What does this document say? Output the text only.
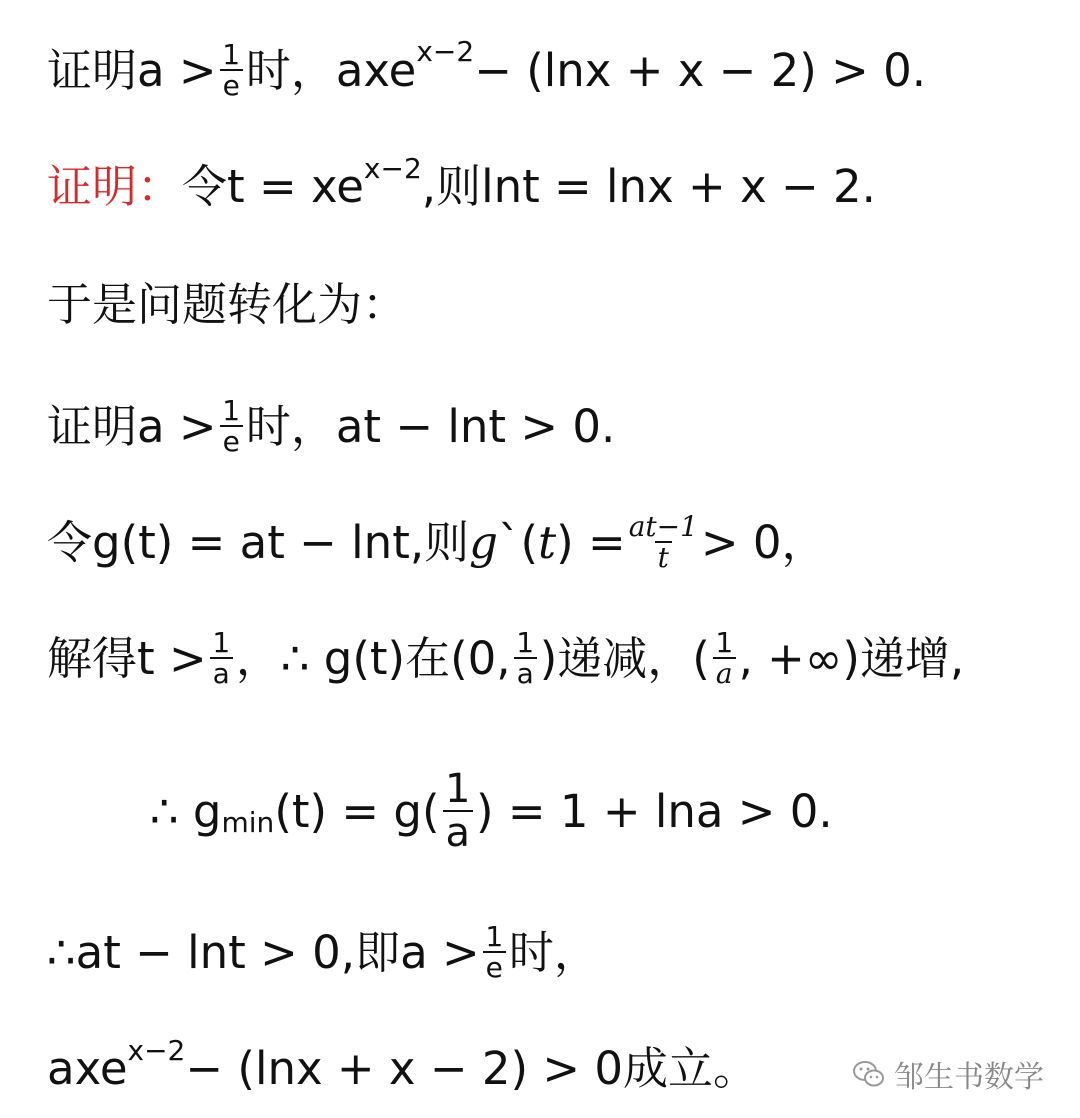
证明$a > \frac{1}{e}$ 时，axe$^{x-2}$ − (lnx + x − 2) > 0.
证明： 令$t = xe^{x-2}$ ,则lnt = lnx + x − 2.
于是问题转化为：
证明$a > \frac{1}{e}$ 时，at − lnt > 0.
令g(t) = at − lnt,则 g ` ( t ) = $\frac{at-1}{t} > 0$，
解得$t > \frac{1}{a}$ ，∴ g(t)在(0, $\frac{1}{a}$ )递减，( $\frac{1}{a}$ , +∞)递增,
∴ $g_{min}$ $(t) = g( \frac{1}{a}$ ) = 1 + lna > 0.
∴at − lnt > 0,即$a > \frac{1}{e}$ 时，
axe$^{x-2}$ − (lnx + x − 2) > 0成立。	邹生书数学
